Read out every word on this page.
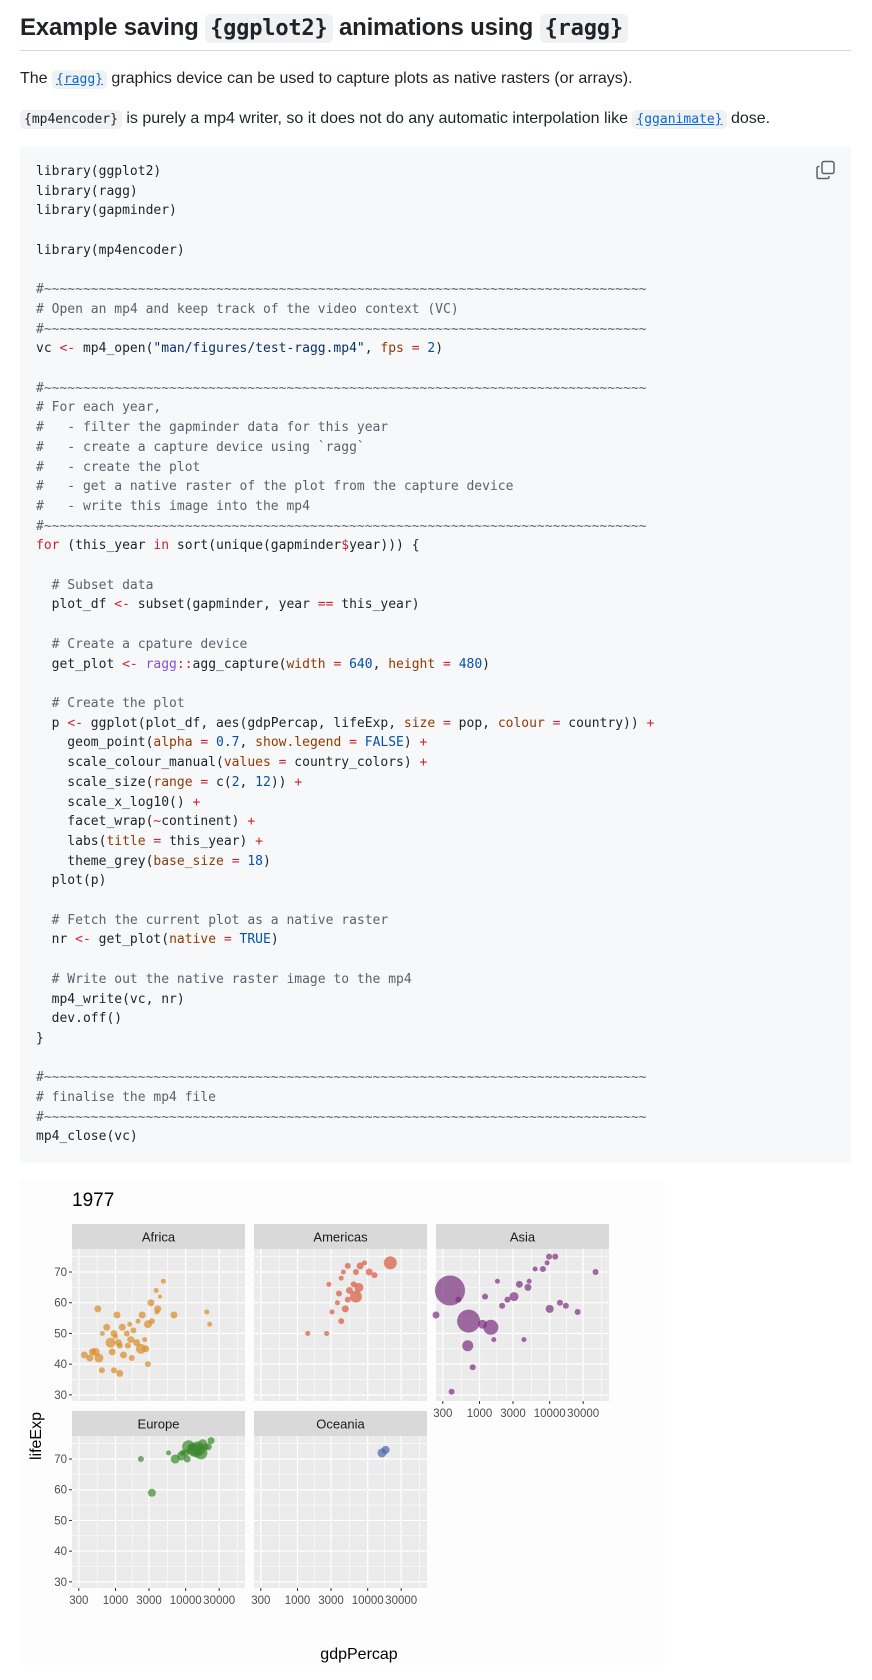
Example saving {ggplot2} animations using {ragg}

The {ragg} graphics device can be used to capture plots as native rasters (or arrays).

{mp4encoder} is purely a mp4 writer, so it does not do any automatic interpolation like {gganimate} dose.

library(ggplot2)
library(ragg)
library(gapminder)

library(mp4encoder)

#~~~~~~~~~~~~~~~~~~~~~~~~~~~~~~~~~~~~~~~~~~~~~~~~~~~~~~~~~~~~~~~~~~~~~~~~~~~~~
# Open an mp4 and keep track of the video context (VC)
#~~~~~~~~~~~~~~~~~~~~~~~~~~~~~~~~~~~~~~~~~~~~~~~~~~~~~~~~~~~~~~~~~~~~~~~~~~~~~
vc <- mp4_open("man/figures/test-ragg.mp4", fps = 2)

#~~~~~~~~~~~~~~~~~~~~~~~~~~~~~~~~~~~~~~~~~~~~~~~~~~~~~~~~~~~~~~~~~~~~~~~~~~~~~
# For each year,
#   - filter the gapminder data for this year
#   - create a capture device using `ragg`
#   - create the plot
#   - get a native raster of the plot from the capture device
#   - write this image into the mp4
#~~~~~~~~~~~~~~~~~~~~~~~~~~~~~~~~~~~~~~~~~~~~~~~~~~~~~~~~~~~~~~~~~~~~~~~~~~~~~
for (this_year in sort(unique(gapminder$year))) {

# Subset data
plot_df <- subset(gapminder, year == this_year)

# Create a cpature device
get_plot <- ragg::agg_capture(width = 640, height = 480)

# Create the plot
p <- ggplot(plot_df, aes(gdpPercap, lifeExp, size = pop, colour = country)) +
geom_point(alpha = 0.7, show.legend = FALSE) +
scale_colour_manual(values = country_colors) +
scale_size(range = c(2, 12)) +
scale_x_log10() +
facet_wrap(~continent) +
labs(title = this_year) +
theme_grey(base_size = 18)
plot(p)

# Fetch the current plot as a native raster
nr <- get_plot(native = TRUE)

# Write out the native raster image to the mp4
mp4_write(vc, nr)
dev.off()
}

#~~~~~~~~~~~~~~~~~~~~~~~~~~~~~~~~~~~~~~~~~~~~~~~~~~~~~~~~~~~~~~~~~~~~~~~~~~~~~
# finalise the mp4 file
#~~~~~~~~~~~~~~~~~~~~~~~~~~~~~~~~~~~~~~~~~~~~~~~~~~~~~~~~~~~~~~~~~~~~~~~~~~~~~
mp4_close(vc)
1977
Africa
30
40
50
60
70
Americas	Asia
300 1000 3000 10000 30000
Europe
30
40
50
60
70
300 1000 3000 10000 30000
Oceania
300 1000 3000 10000 30000
gdpPercap
lifeExp
